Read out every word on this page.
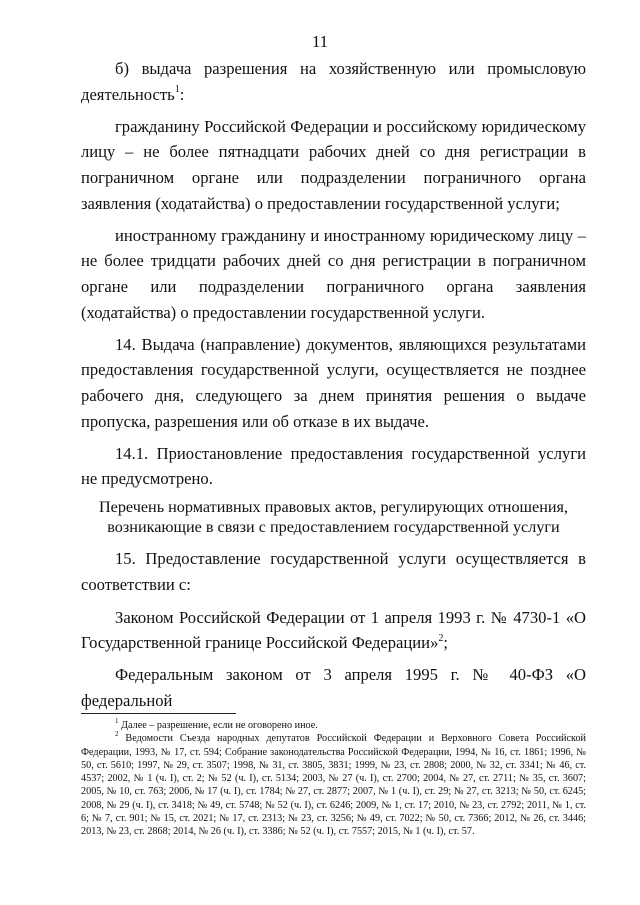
11

б) выдача разрешения на хозяйственную или промысловую деятельность$^1$:

гражданину Российской Федерации и российскому юридическому лицу – не более пятнадцати рабочих дней со дня регистрации в пограничном органе или подразделении пограничного органа заявления (ходатайства) о предоставлении государственной услуги;

иностранному гражданину и иностранному юридическому лицу – не более тридцати рабочих дней со дня регистрации в пограничном органе или подразделении пограничного органа заявления (ходатайства) о предоставлении государственной услуги.

14. Выдача (направление) документов, являющихся результатами предоставления государственной услуги, осуществляется не позднее рабочего дня, следующего за днем принятия решения о выдаче пропуска, разрешения или об отказе в их выдаче.

14.1. Приостановление предоставления государственной услуги не предусмотрено.

Перечень нормативных правовых актов, регулирующих отношения, возникающие в связи с предоставлением государственной услуги

15. Предоставление государственной услуги осуществляется в соответствии с:

Законом Российской Федерации от 1 апреля 1993 г. № 4730-1 «О Государственной границе Российской Федерации»$^2$;

Федеральным законом от 3 апреля 1995 г. № 40-ФЗ «О федеральной

$^1$ Далее – разрешение, если не оговорено иное.

$^2$ Ведомости Съезда народных депутатов Российской Федерации и Верховного Совета Российской Федерации, 1993, № 17, ст. 594; Собрание законодательства Российской Федерации, 1994, № 16, ст. 1861; 1996, № 50, ст. 5610; 1997, № 29, ст. 3507; 1998, № 31, ст. 3805, 3831; 1999, № 23, ст. 2808; 2000, № 32, ст. 3341; № 46, ст. 4537; 2002, № 1 (ч. I), ст. 2; № 52 (ч. I), ст. 5134; 2003, № 27 (ч. I), ст. 2700; 2004, № 27, ст. 2711; № 35, ст. 3607; 2005, № 10, ст. 763; 2006, № 17 (ч. I), ст. 1784; № 27, ст. 2877; 2007, № 1 (ч. I), ст. 29; № 27, ст. 3213; № 50, ст. 6245; 2008, № 29 (ч. I), ст. 3418; № 49, ст. 5748; № 52 (ч. I), ст. 6246; 2009, № 1, ст. 17; 2010, № 23, ст. 2792; 2011, № 1, ст. 6; № 7, ст. 901; № 15, ст. 2021; № 17, ст. 2313; № 23, ст. 3256; № 49, ст. 7022; № 50, ст. 7366; 2012, № 26, ст. 3446; 2013, № 23, ст. 2868; 2014, № 26 (ч. I), ст. 3386; № 52 (ч. I), ст. 7557; 2015, № 1 (ч. I), ст. 57.
